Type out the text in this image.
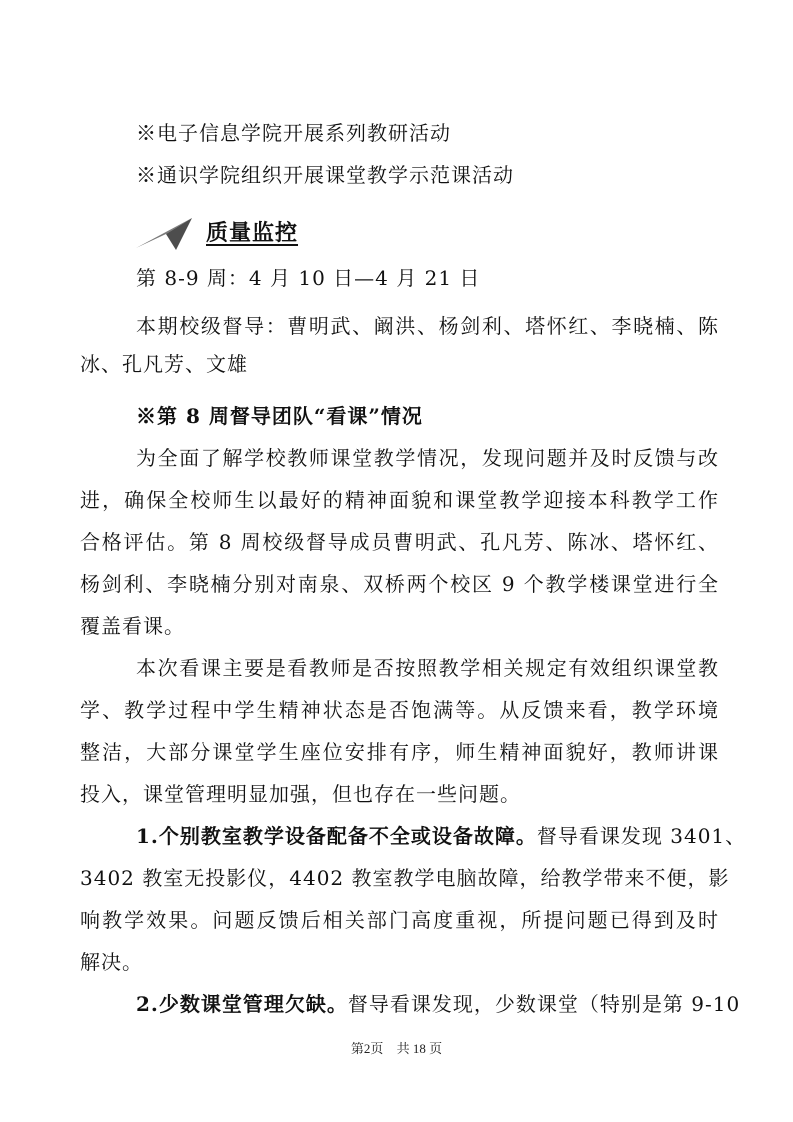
※电子信息学院开展系列教研活动
※通识学院组织开展课堂教学示范课活动
质量监控
第 8-9 周：4 月 10 日—4 月 21 日
本期校级督导：曹明武、阚洪、杨剑利、塔怀红、李晓楠、陈
冰、孔凡芳、文雄
※第 8 周督导团队“看课”情况
为全面了解学校教师课堂教学情况，发现问题并及时反馈与改
进，确保全校师生以最好的精神面貌和课堂教学迎接本科教学工作
合格评估。第 8 周校级督导成员曹明武、孔凡芳、陈冰、塔怀红、
杨剑利、李晓楠分别对南泉、双桥两个校区 9 个教学楼课堂进行全
覆盖看课。
本次看课主要是看教师是否按照教学相关规定有效组织课堂教
学、教学过程中学生精神状态是否饱满等。从反馈来看，教学环境
整洁，大部分课堂学生座位安排有序，师生精神面貌好，教师讲课
投入，课堂管理明显加强，但也存在一些问题。
1.个别教室教学设备配备不全或设备故障。 督导看课发现 3401、
3402 教室无投影仪，4402 教室教学电脑故障，给教学带来不便，影
响教学效果。问题反馈后相关部门高度重视，所提问题已得到及时
解决。
2.少数课堂管理欠缺。 督导看课发现，少数课堂（特别是第 9-10
第2页 共 18 页
